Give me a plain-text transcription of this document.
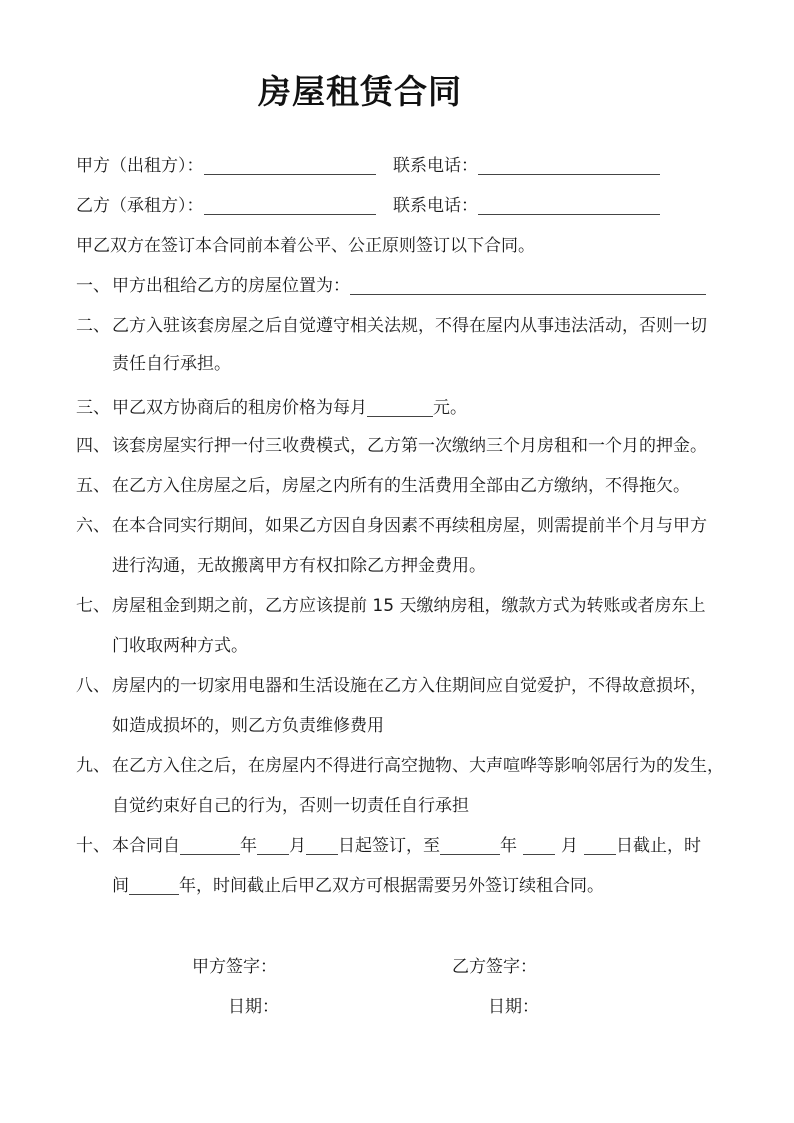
房屋租赁合同
甲方（出租方）：	联系电话：
乙方（承租方）：	联系电话：
甲乙双方在签订本合同前本着公平、公正原则签订以下合同。
一、 甲方出租给乙方的房屋位置为：
二、 乙方入驻该套房屋之后自觉遵守相关法规，不得在屋内从事违法活动，否则一切
责任自行承担。
三、 甲乙双方协商后的租房价格为每月	元。
四、 该套房屋实行押一付三收费模式，乙方第一次缴纳三个月房租和一个月的押金。
五、 在乙方入住房屋之后，房屋之内所有的生活费用全部由乙方缴纳，不得拖欠。
六、 在本合同实行期间，如果乙方因自身因素不再续租房屋，则需提前半个月与甲方
进行沟通，无故搬离甲方有权扣除乙方押金费用。
七、 房屋租金到期之前，乙方应该提前 15 天缴纳房租，缴款方式为转账或者房东上
门收取两种方式。
八、 房屋内的一切家用电器和生活设施在乙方入住期间应自觉爱护，不得故意损坏，
如造成损坏的，则乙方负责维修费用
九、 在乙方入住之后，在房屋内不得进行高空抛物、大声喧哗等影响邻居行为的发生，
自觉约束好自己的行为，否则一切责任自行承担
十、 本合同自	年 月 日起签订，至	年	月 日截止，时
间	年，时间截止后甲乙双方可根据需要另外签订续租合同。
甲方签字：	乙方签字：
日期：	日期：
